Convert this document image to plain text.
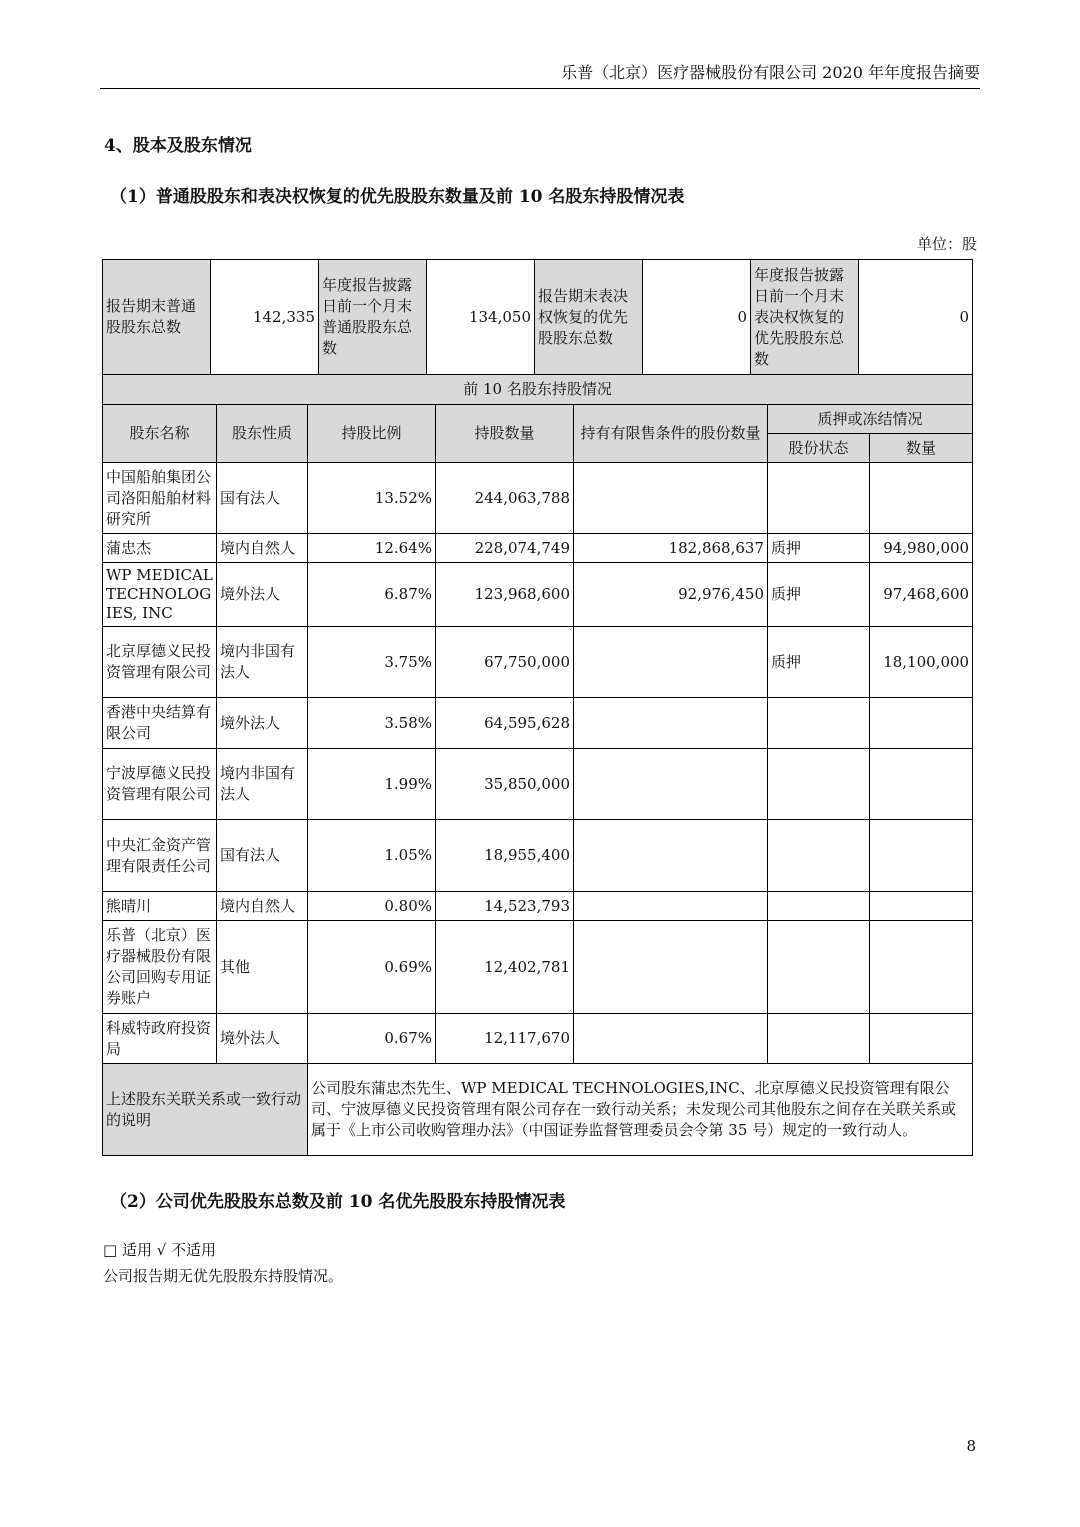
乐普（北京）医疗器械股份有限公司 2020 年年度报告摘要
4、股本及股东情况
（1）普通股股东和表决权恢复的优先股股东数量及前 10 名股东持股情况表
单位：股
报告期末普通股股东总数	142,335	年度报告披露日前一个月末普通股股东总数	134,050	报告期末表决权恢复的优先股股东总数	0	年度报告披露日前一个月末表决权恢复的优先股股东总数	0
前 10 名股东持股情况						
股东名称	股东性质	持股比例	持股数量	持有有限售条件的股份数量	质押或冻结情况	
					股份状态	数量
中国船舶集团公司洛阳船舶材料研究所	国有法人	13.52%	244,063,788			
蒲忠杰	境内自然人	12.64%	228,074,749	182,868,637	质押	94,980,000
WP MEDICAL TECHNOLOGIES, INC	境外法人	6.87%	123,968,600	92,976,450	质押	97,468,600
北京厚德义民投资管理有限公司	境内非国有法人	3.75%	67,750,000		质押	18,100,000
香港中央结算有限公司	境外法人	3.58%	64,595,628			
宁波厚德义民投资管理有限公司	境内非国有法人	1.99%	35,850,000			
中央汇金资产管理有限责任公司	国有法人	1.05%	18,955,400			
熊晴川	境内自然人	0.80%	14,523,793			
乐普（北京）医疗器械股份有限公司回购专用证券账户	其他	0.69%	12,402,781			
科威特政府投资局	境外法人	0.67%	12,117,670			
上述股东关联关系或一致行动的说明		公司股东蒲忠杰先生、WP MEDICAL TECHNOLOGIES,INC、北京厚德义民投资管理有限公司、宁波厚德义民投资管理有限公司存在一致行动关系；未发现公司其他股东之间存在关联关系或属于《上市公司收购管理办法》（中国证券监督管理委员会令第 35 号）规定的一致行动人。				
（2）公司优先股股东总数及前 10 名优先股股东持股情况表
□ 适用 √ 不适用
公司报告期无优先股股东持股情况。
8
